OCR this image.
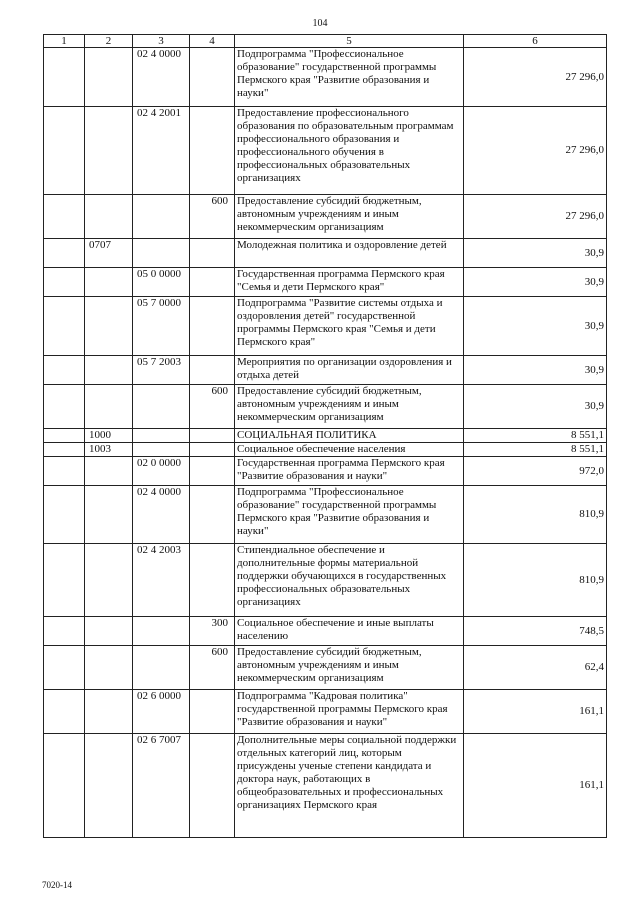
104
1	2	3	4	5	6
		02 4 0000		Подпрограмма "Профессиональное образование" государственной программы Пермского края "Развитие образования и науки"	27 296,0
		02 4 2001		Предоставление профессионального образования по образовательным программам профессионального образования и профессионального обучения в профессиональных образовательных организациях	27 296,0
			600	Предоставление субсидий бюджетным, автономным учреждениям и иным некоммерческим организациям	27 296,0
	0707			Молодежная политика и оздоровление детей	30,9
		05 0 0000		Государственная программа Пермского края "Семья и дети Пермского края"	30,9
		05 7 0000		Подпрограмма "Развитие системы отдыха и оздоровления детей" государственной программы Пермского края "Семья и дети Пермского края"	30,9
		05 7 2003		Мероприятия по организации оздоровления и отдыха детей	30,9
			600	Предоставление субсидий бюджетным, автономным учреждениям и иным некоммерческим организациям	30,9
	1000			СОЦИАЛЬНАЯ ПОЛИТИКА	8 551,1
	1003			Социальное обеспечение населения	8 551,1
		02 0 0000		Государственная программа Пермского края "Развитие образования и науки"	972,0
		02 4 0000		Подпрограмма "Профессиональное образование" государственной программы Пермского края "Развитие образования и науки"	810,9
		02 4 2003		Стипендиальное обеспечение и дополнительные формы материальной поддержки обучающихся в государственных профессиональных образовательных организациях	810,9
			300	Социальное обеспечение и иные выплаты населению	748,5
			600	Предоставление субсидий бюджетным, автономным учреждениям и иным некоммерческим организациям	62,4
		02 6 0000		Подпрограмма "Кадровая политика" государственной программы Пермского края "Развитие образования и науки"	161,1
		02 6 7007		Дополнительные меры социальной поддержки отдельных категорий лиц, которым присуждены ученые степени кандидата и доктора наук, работающих в общеобразовательных и профессиональных организациях Пермского края	161,1
7020-14
